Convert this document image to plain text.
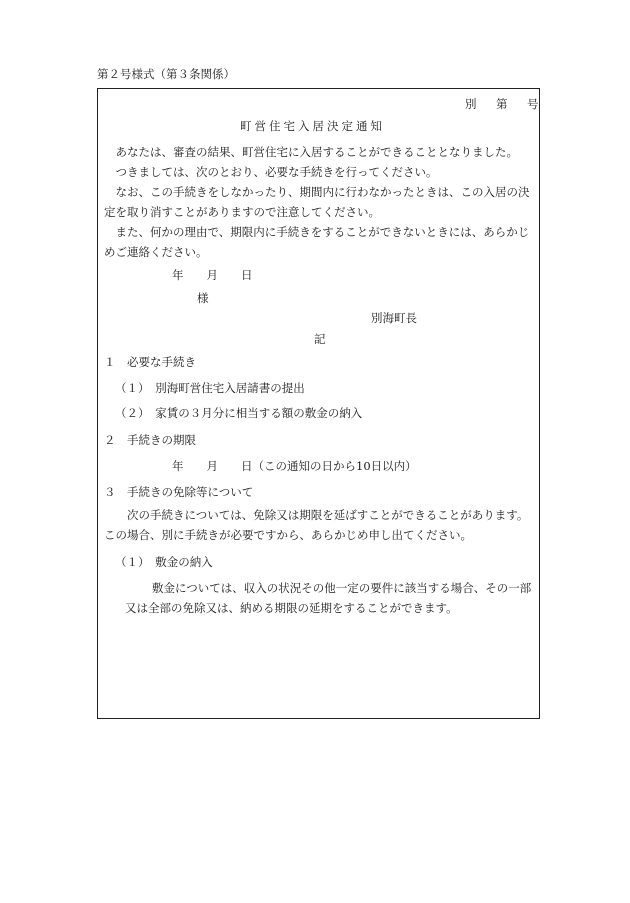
第２号様式（第３条関係）
別　第　号
町営住宅入居決定通知
あなたは、審査の結果、町営住宅に入居することができることとなりました。
つきましては、次のとおり、必要な手続きを行ってください。
なお、この手続きをしなかったり、期間内に行わなかったときは、この入居の決定を取り消すことがありますので注意してください。
また、何かの理由で、期限内に手続きをすることができないときには、あらかじめご連絡ください。
年　　月　　日
様
別海町長
記
１　必要な手続き
（１）　別海町営住宅入居請書の提出
（２）　家賃の３月分に相当する額の敷金の納入
２　手続きの期限
年　　月　　日（この通知の日から10日以内）
３　手続きの免除等について
次の手続きについては、免除又は期限を延ばすことができることがあります。この場合、別に手続きが必要ですから、あらかじめ申し出てください。
（１）　敷金の納入
敷金については、収入の状況その他一定の要件に該当する場合、その一部
又は全部の免除又は、納める期限の延期をすることができます。
